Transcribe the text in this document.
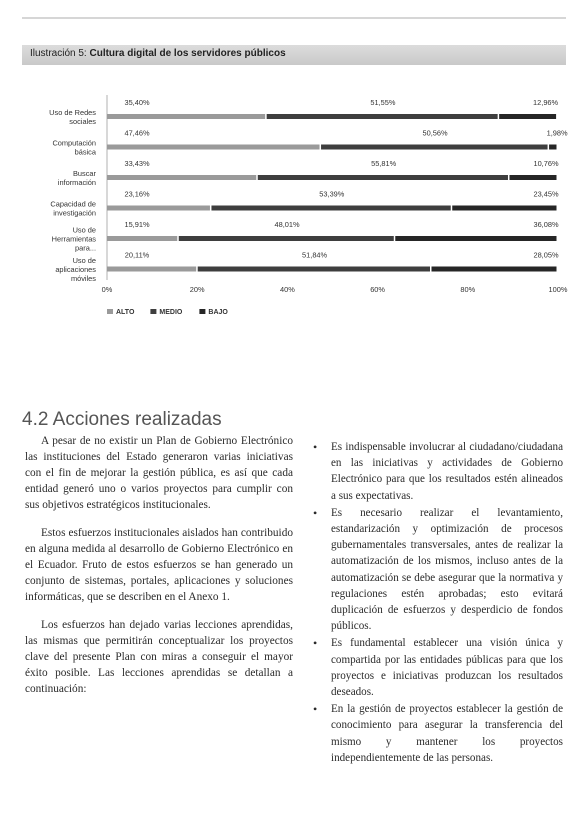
Ilustración 5: Cultura digital de los servidores públicos
Uso de Redes
sociales
35,40%	51,55%	12,96%
Computación
básica
47,46%	50,56%	1,98%
Buscar
información
33,43%	55,81%	10,76%
Capacidad de
investigación
23,16%	53,39%	23,45%
Uso de
Herramientas
para...
15,91%	48,01%	36,08%
Uso de
aplicaciones
móviles
20,11%	51,84%	28,05%
0%	20%	40%	60%	80%	100%
ALTO	MEDIO	BAJO
4.2 Acciones realizadas

A pesar de no existir un Plan de Gobierno Electrónico las instituciones del Estado generaron varias iniciativas con el fin de mejorar la gestión pública, es así que cada entidad generó uno o varios proyectos para cumplir con sus objetivos estratégicos institucionales.

Estos esfuerzos institucionales aislados han contribuido en alguna medida al desarrollo de Gobierno Electrónico en el Ecuador. Fruto de estos esfuerzos se han generado un conjunto de sistemas, portales, aplicaciones y soluciones informáticas, que se describen en el Anexo 1.

Los esfuerzos han dejado varias lecciones aprendidas, las mismas que permitirán conceptualizar los proyectos clave del presente Plan con miras a conseguir el mayor éxito posible. Las lecciones aprendidas se detallan a continuación:

• Es indispensable involucrar al ciudadano/ciudadana en las iniciativas y actividades de Gobierno Electrónico para que los resultados estén alineados a sus expectativas.
• Es necesario realizar el levantamiento, estandarización y optimización de procesos gubernamentales transversales, antes de realizar la automatización de los mismos, incluso antes de la automatización se debe asegurar que la normativa y regulaciones estén aprobadas; esto evitará duplicación de esfuerzos y desperdicio de fondos públicos.
• Es fundamental establecer una visión única y compartida por las entidades públicas para que los proyectos e iniciativas produzcan los resultados deseados.
• En la gestión de proyectos establecer la gestión de conocimiento para asegurar la transferencia del mismo y mantener los proyectos independientemente de las personas.
